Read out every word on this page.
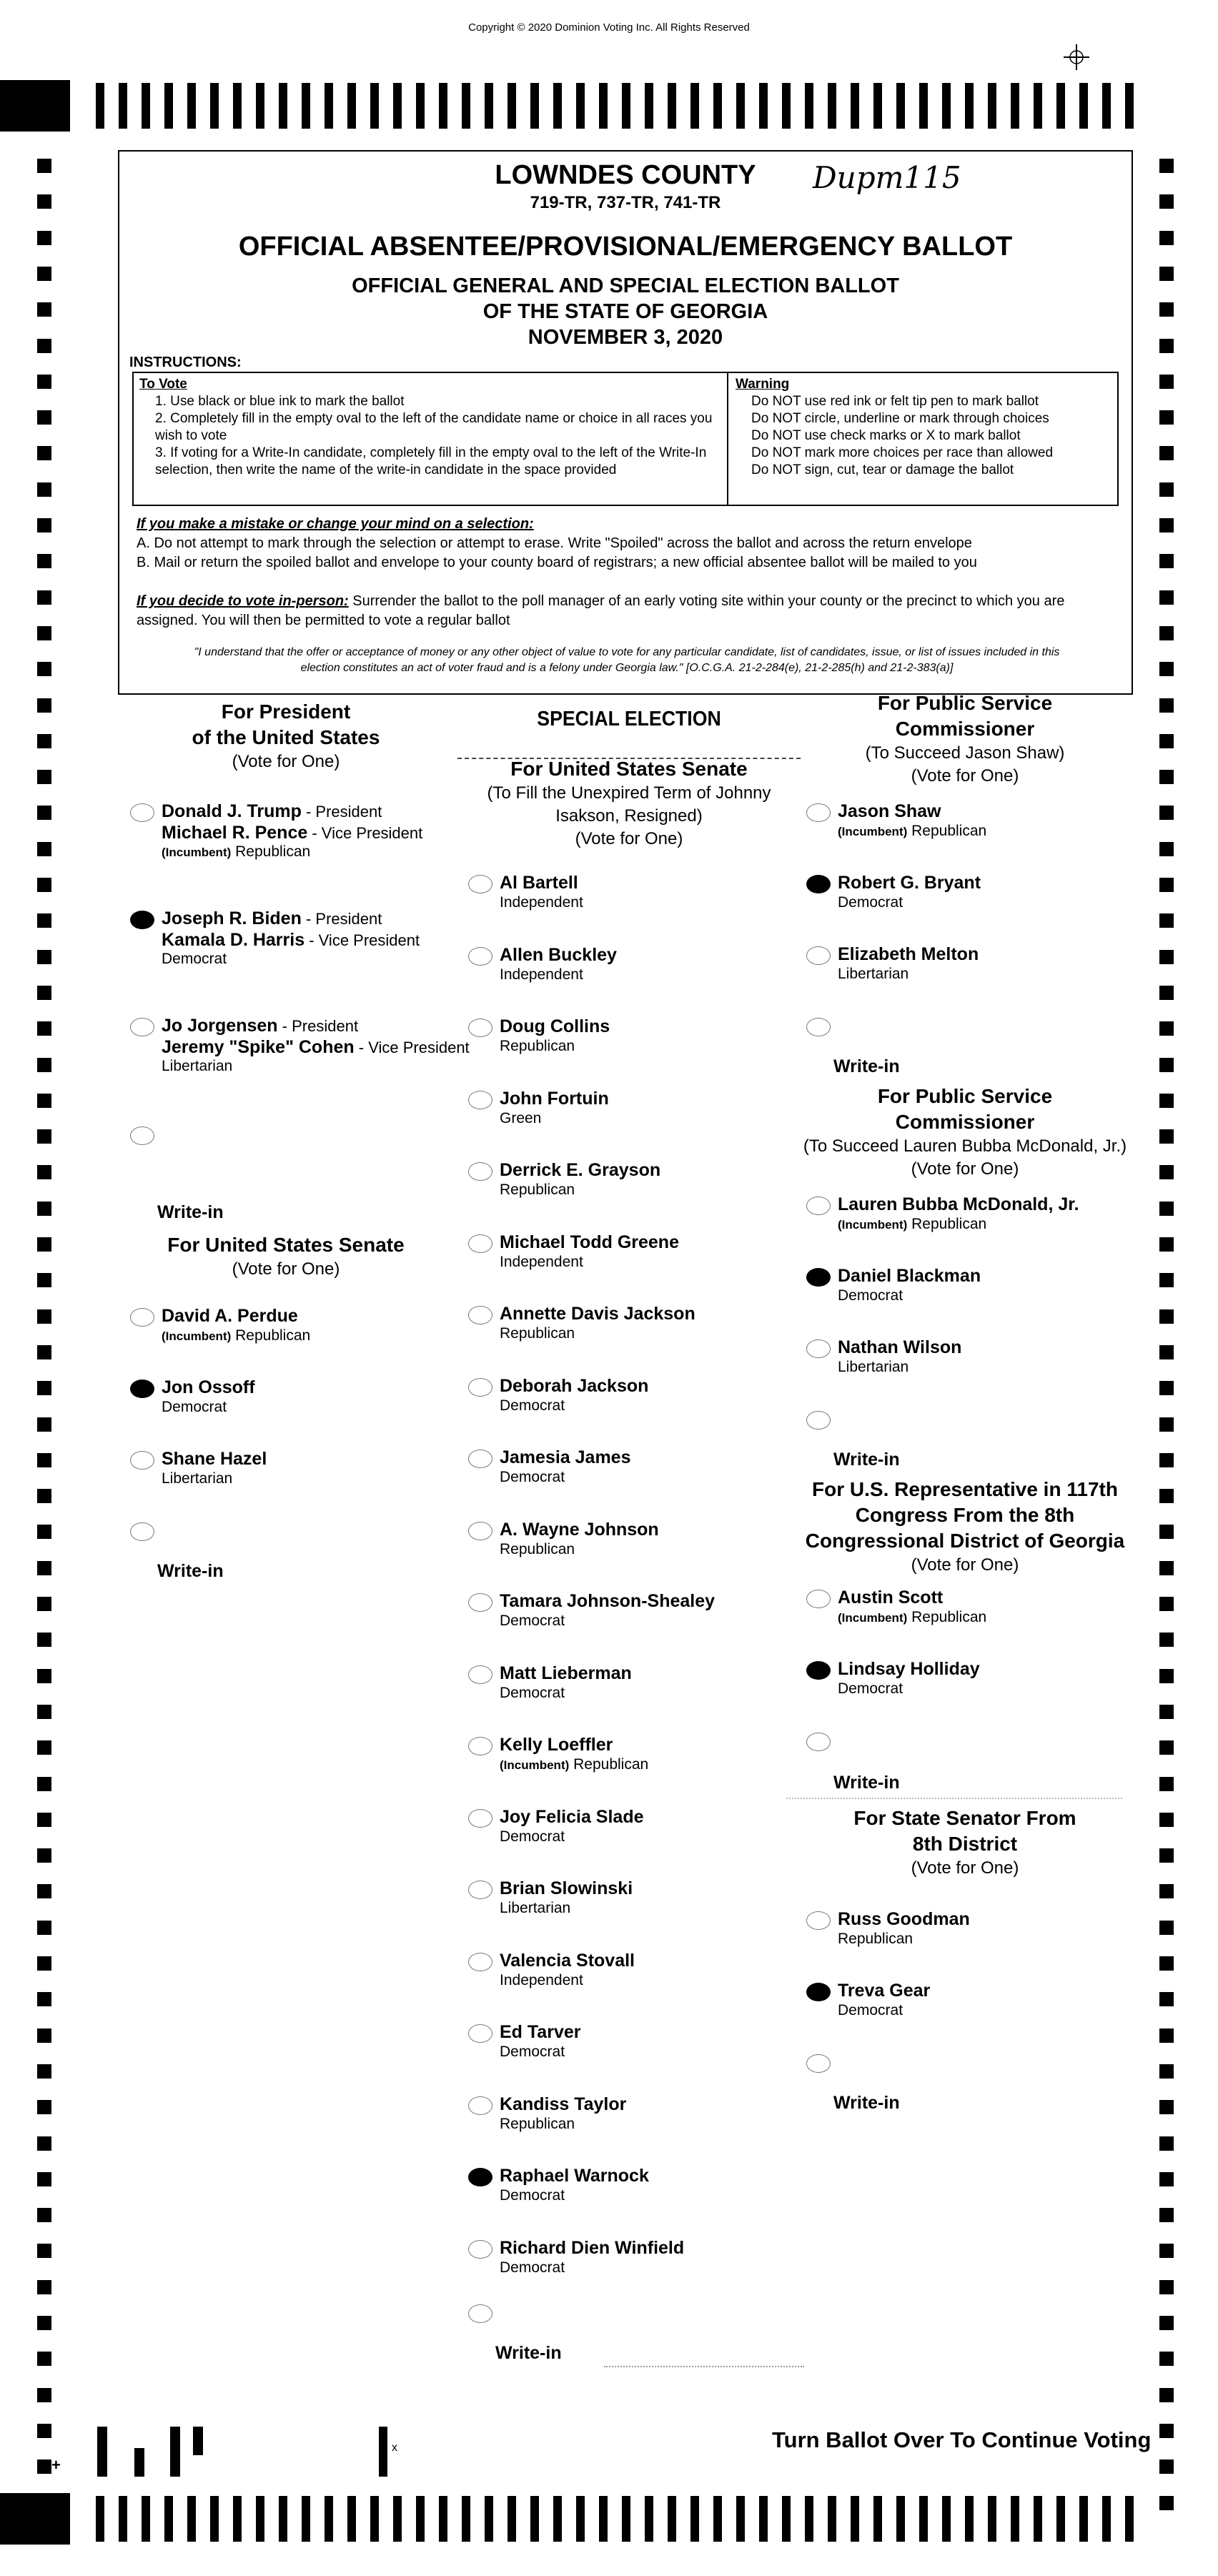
Copyright © 2020 Dominion Voting Inc. All Rights Reserved
LOWNDES COUNTY
719-TR, 737-TR, 741-TR
Dupm115
OFFICIAL ABSENTEE/PROVISIONAL/EMERGENCY BALLOT
OFFICIAL GENERAL AND SPECIAL ELECTION BALLOT
OF THE STATE OF GEORGIA
NOVEMBER 3, 2020
INSTRUCTIONS:
To Vote
1. Use black or blue ink to mark the ballot
2. Completely fill in the empty oval to the left of the candidate name or choice in all races you wish to vote
3. If voting for a Write-In candidate, completely fill in the empty oval to the left of the Write-In selection, then write the name of the write-in candidate in the space provided
Warning
Do NOT use red ink or felt tip pen to mark ballot
Do NOT circle, underline or mark through choices
Do NOT use check marks or X to mark ballot
Do NOT mark more choices per race than allowed
Do NOT sign, cut, tear or damage the ballot
If you make a mistake or change your mind on a selection:
A. Do not attempt to mark through the selection or attempt to erase. Write "Spoiled" across the ballot and across the return envelope
B. Mail or return the spoiled ballot and envelope to your county board of registrars; a new official absentee ballot will be mailed to you
If you decide to vote in-person: Surrender the ballot to the poll manager of an early voting site within your county or the precinct to which you are assigned. You will then be permitted to vote a regular ballot
"I understand that the offer or acceptance of money or any other object of value to vote for any particular candidate, list of candidates, issue, or list of issues included in this
election constitutes an act of voter fraud and is a felony under Georgia law." [O.C.G.A. 21-2-284(e), 21-2-285(h) and 21-2-383(a)]
For President
of the United States
(Vote for One)
Donald J. Trump - President
Michael R. Pence - Vice President
(Incumbent) Republican
Joseph R. Biden - President
Kamala D. Harris - Vice President
Democrat
Jo Jorgensen - President
Jeremy "Spike" Cohen - Vice President
Libertarian
Write-in
For United States Senate
(Vote for One)
David A. Perdue
(Incumbent) Republican
Jon Ossoff
Democrat
Shane Hazel
Libertarian
Write-in
SPECIAL ELECTION
For United States Senate
(To Fill the Unexpired Term of Johnny
Isakson, Resigned)
(Vote for One)
Al Bartell
Independent
Allen Buckley
Independent
Doug Collins
Republican
John Fortuin
Green
Derrick E. Grayson
Republican
Michael Todd Greene
Independent
Annette Davis Jackson
Republican
Deborah Jackson
Democrat
Jamesia James
Democrat
A. Wayne Johnson
Republican
Tamara Johnson-Shealey
Democrat
Matt Lieberman
Democrat
Kelly Loeffler
(Incumbent) Republican
Joy Felicia Slade
Democrat
Brian Slowinski
Libertarian
Valencia Stovall
Independent
Ed Tarver
Democrat
Kandiss Taylor
Republican
Raphael Warnock
Democrat
Richard Dien Winfield
Democrat
Write-in
For Public Service
Commissioner
(To Succeed Jason Shaw)
(Vote for One)
Jason Shaw
(Incumbent) Republican
Robert G. Bryant
Democrat
Elizabeth Melton
Libertarian
Write-in
For Public Service
Commissioner
(To Succeed Lauren Bubba McDonald, Jr.)
(Vote for One)
Lauren Bubba McDonald, Jr.
(Incumbent) Republican
Daniel Blackman
Democrat
Nathan Wilson
Libertarian
Write-in
For U.S. Representative in 117th
Congress From the 8th
Congressional District of Georgia
(Vote for One)
Austin Scott
(Incumbent) Republican
Lindsay Holliday
Democrat
Write-in
For State Senator From
8th District
(Vote for One)
Russ Goodman
Republican
Treva Gear
Democrat
Write-in
x
+
Turn Ballot Over To Continue Voting
